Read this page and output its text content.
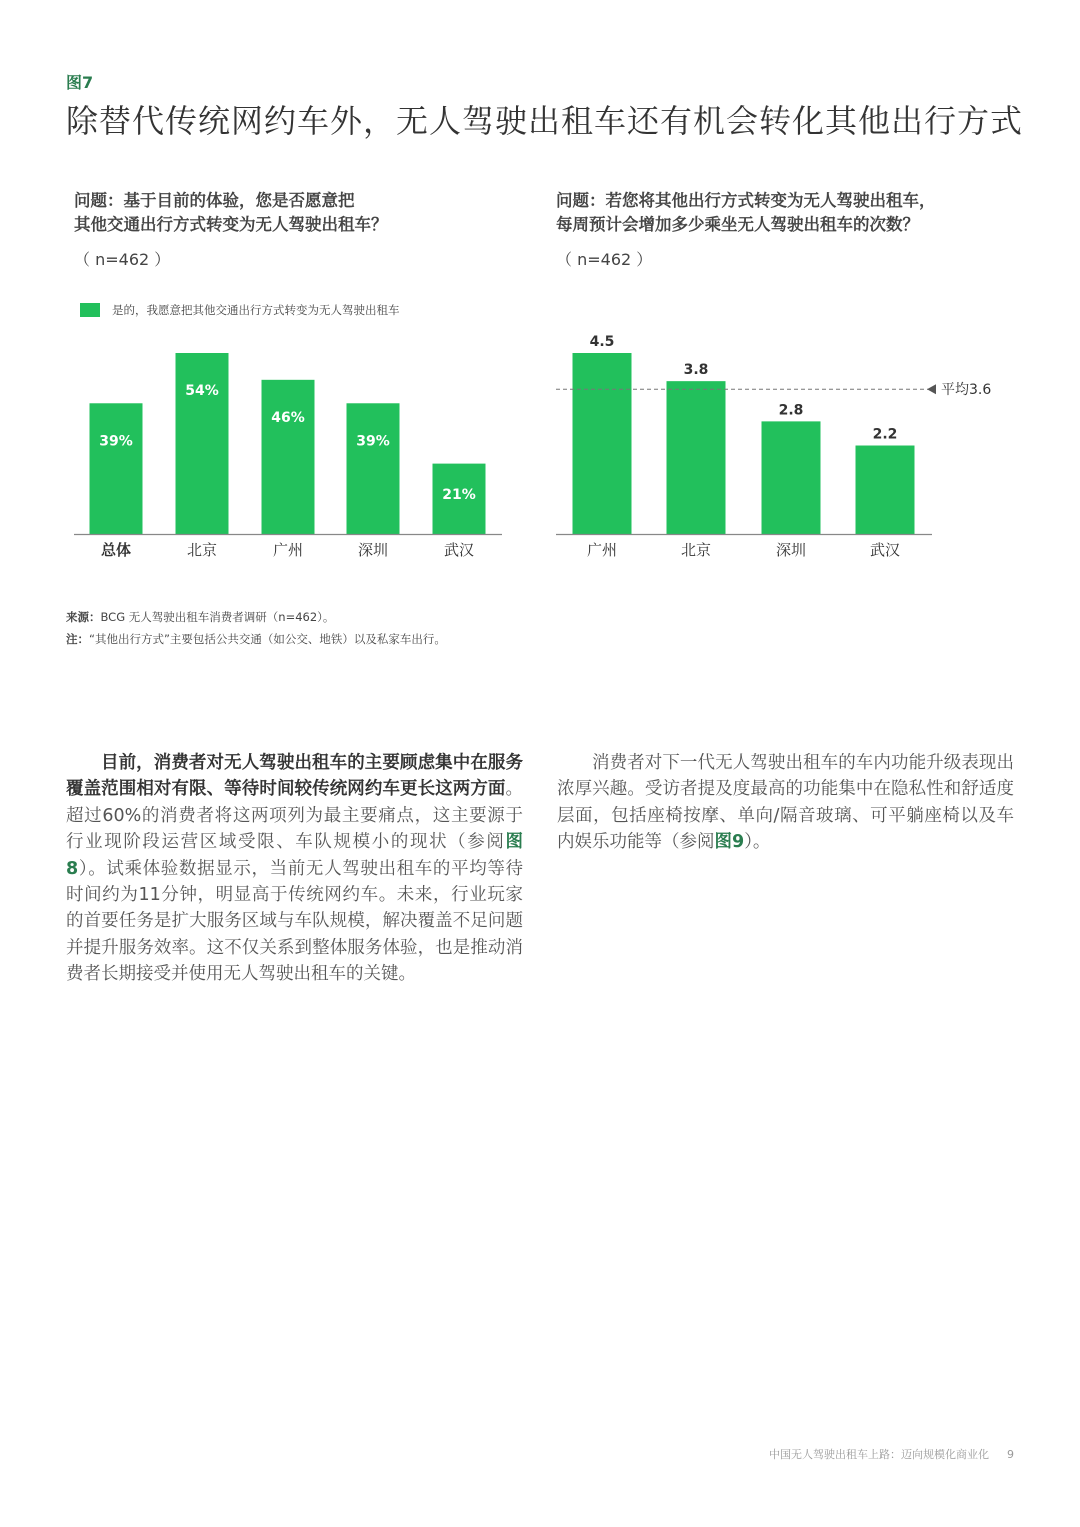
图7
除替代传统网约车外，无人驾驶出租车还有机会转化其他出行方式
问题：基于目前的体验，您是否愿意把
其他交通出行方式转变为无人驾驶出租车？
（ n=462 ）
是的，我愿意把其他交通出行方式转变为无人驾驶出租车
问题：若您将其他出行方式转变为无人驾驶出租车，
每周预计会增加多少乘坐无人驾驶出租车的次数？
（ n=462 ）
39%
总体
54%
北京
46%
广州
39%
深圳
21%
武汉
4.5
广州
3.8
北京
2.8
深圳
2.2
武汉
平均3.6
来源：BCG 无人驾驶出租车消费者调研（n=462）。
注：“其他出行方式”主要包括公共交通（如公交、地铁）以及私家车出行。
目前，消费者对无人驾驶出租车的主要顾虑集中在服务覆盖范围相对有限、等待时间较传统网约车更长这两方面。超过60%的消费者将这两项列为最主要痛点，这主要源于行业现阶段运营区域受限、车队规模小的现状（参阅图8）。试乘体验数据显示，当前无人驾驶出租车的平均等待时间约为11分钟，明显高于传统网约车。未来，行业玩家的首要任务是扩大服务区域与车队规模，解决覆盖不足问题并提升服务效率。这不仅关系到整体服务体验，也是推动消费者长期接受并使用无人驾驶出租车的关键。
消费者对下一代无人驾驶出租车的车内功能升级表现出浓厚兴趣。受访者提及度最高的功能集中在隐私性和舒适度层面，包括座椅按摩、单向/隔音玻璃、可平躺座椅以及车内娱乐功能等（参阅图9）。
中国无人驾驶出租车上路：迈向规模化商业化 9
